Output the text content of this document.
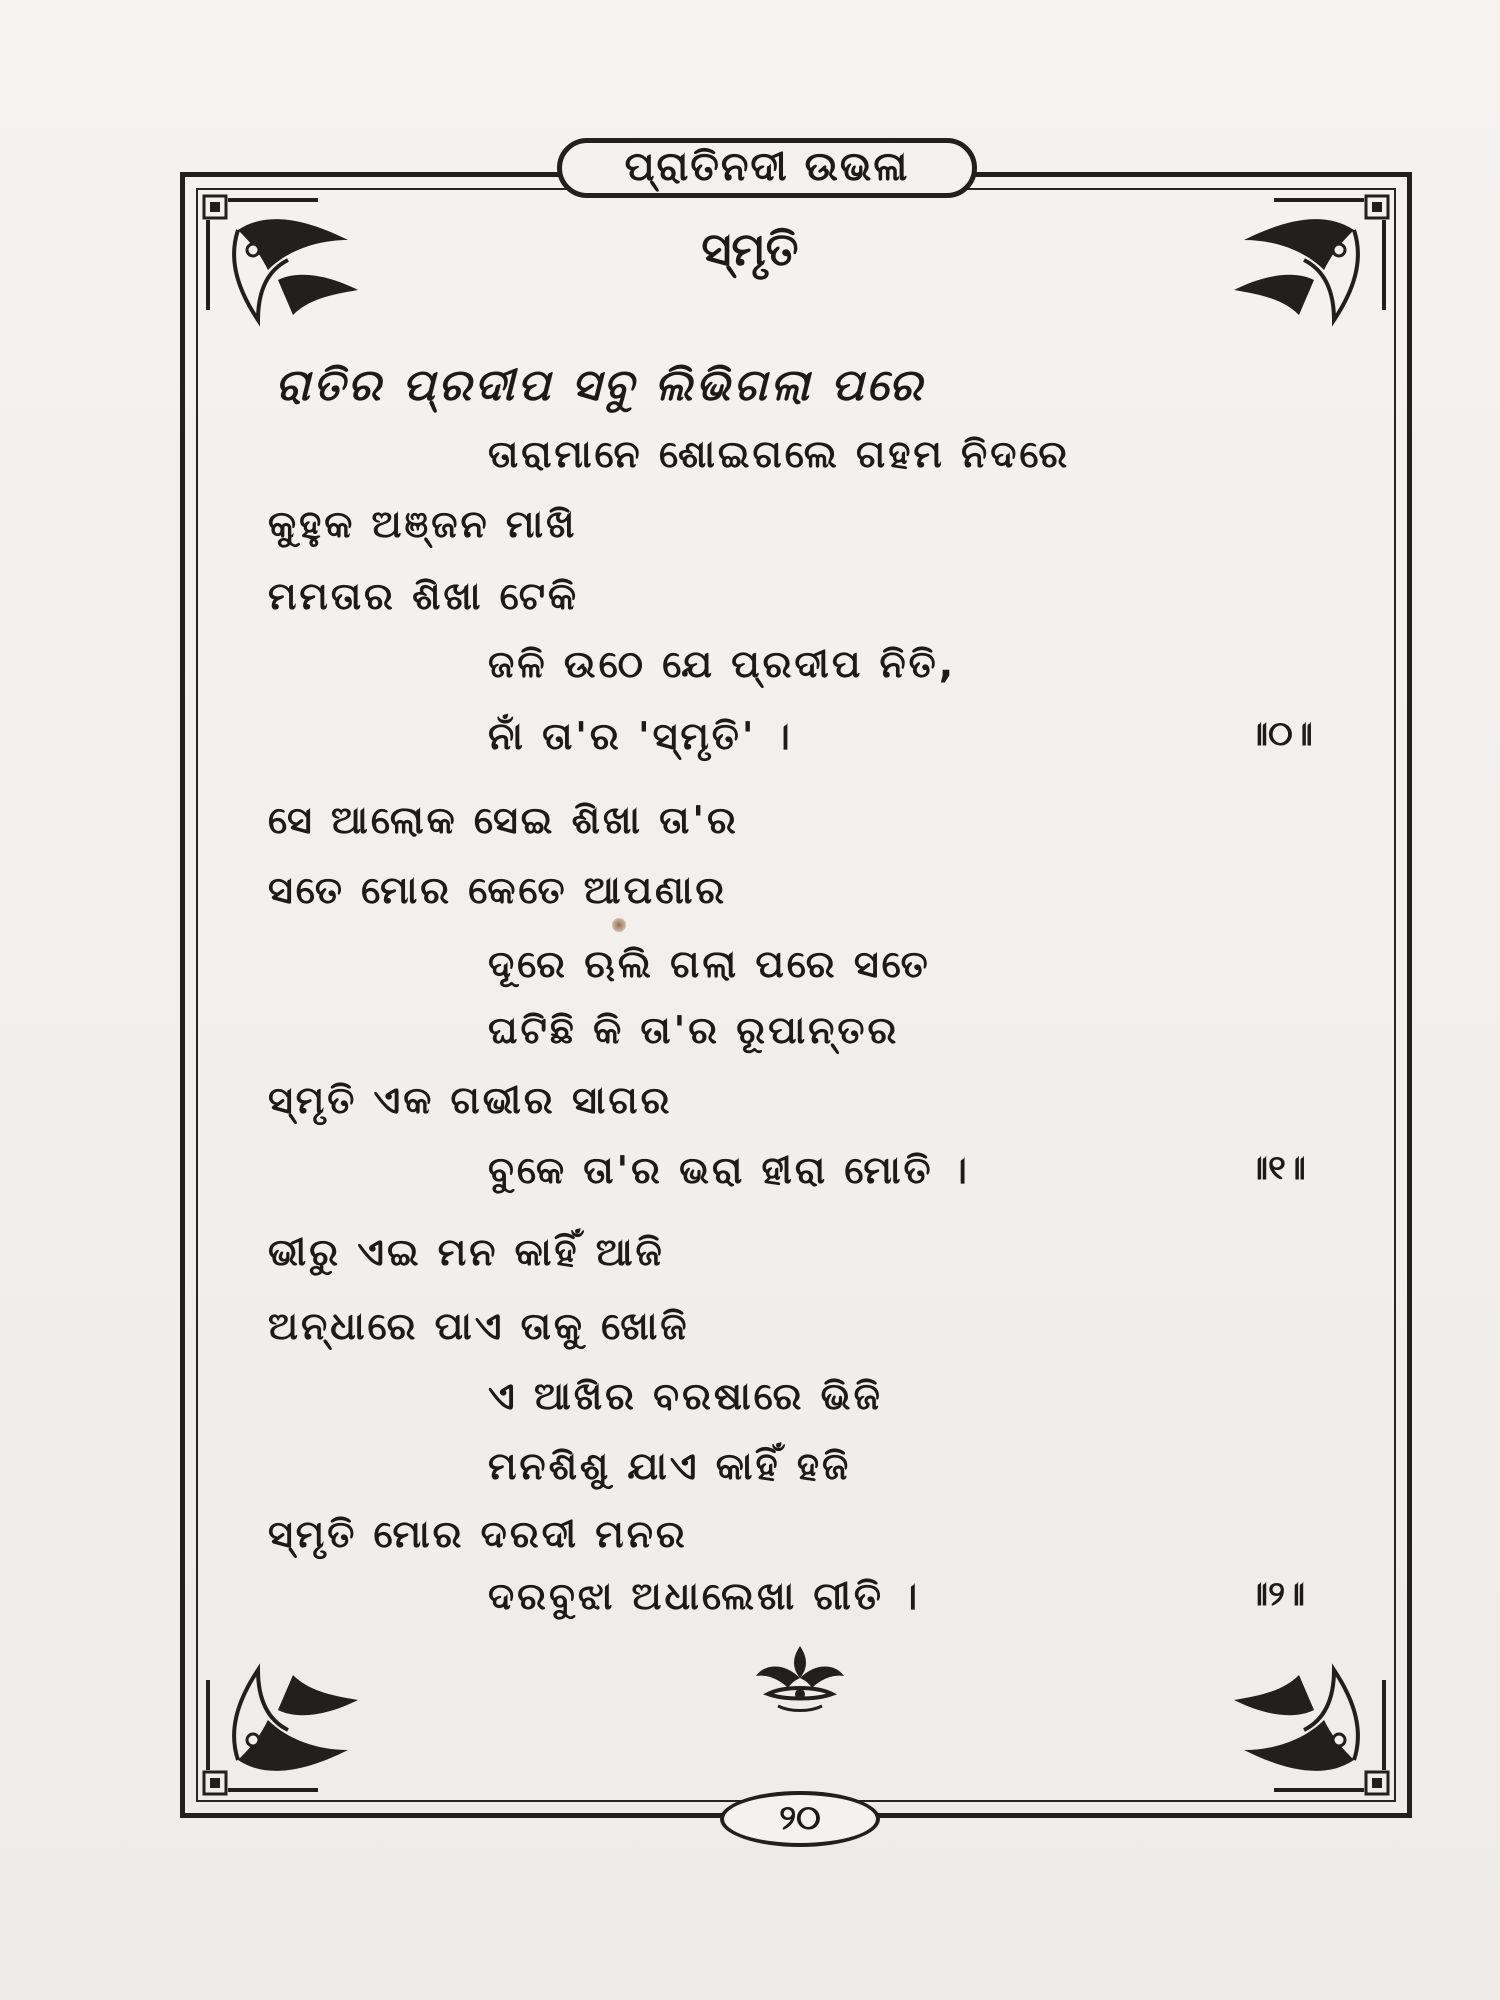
ପ୍ରାତିନଦୀ ଉଭଳା
ସ୍ମୃତି
ରାତିର ପ୍ରଦୀପ ସବୁ ଲିଭିଗଲା ପରେ
ତାରାମାନେ ଶୋଇଗଲେ ଗହମ ନିଦରେ
କୁହୁକ ଅଞ୍ଜନ ମାଖି
ମମତାର ଶିଖା ଟେକି
ଜଳି ଉଠେ ଯେ ପ୍ରଦୀପ ନିତି,
ନାଁ ତା'ର 'ସ୍ମୃତି' ।	॥୦॥
ସେ ଆଲୋକ ସେଇ ଶିଖା ତା'ର
ସତେ ମୋର କେତେ ଆପଣାର
ଦୂରେ ଋଲି ଗଲା ପରେ ସତେ
ଘଟିଛି କି ତା'ର ରୂପାନ୍ତର
ସ୍ମୃତି ଏକ ଗଭୀର ସାଗର
ବୁକେ ତା'ର ଭରା ହୀରା ମୋତି ।	॥୧॥
ଭୀରୁ ଏଇ ମନ କାହିଁ ଆଜି
ଅନ୍ଧାରେ ପାଏ ତାକୁ ଖୋଜି
ଏ ଆଖିର ବରଷାରେ ଭିଜି
ମନଶିଶୁ ଯାଏ କାହିଁ ହଜି
ସ୍ମୃତି ମୋର ଦରଦୀ ମନର
ଦରବୁଝା ଅଧାଲେଖା ଗୀତି ।	॥୨॥
୨୦
